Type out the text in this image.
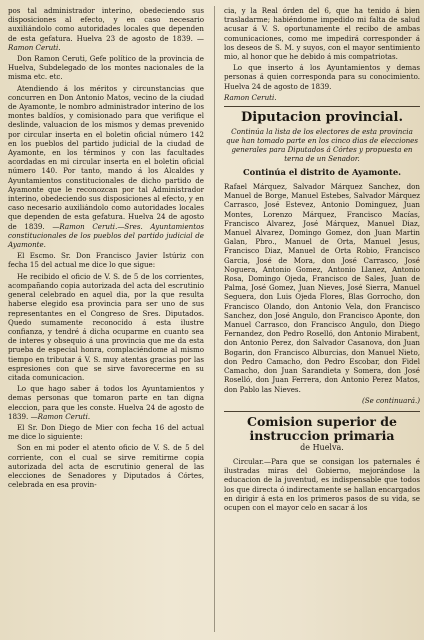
pos tal administrador interino, obedeciendo sus disposiciones al efecto, y en caso necesario auxiliándolo como autoridades locales que dependen de esta gefatura. Huelva 23 de agosto de 1839. —Ramon Ceruti.

Don Ramon Ceruti, Gefe político de la provincia de Huelva, Subdelegado de los montes nacionales de la misma etc. etc.

Atendiendo á los méritos y circunstancias que concurren en Don Antonio Matos, vecino de la ciudad de Ayamonte, le nombro administrador interino de los montes baldíos, y comisionado para que verifique el deslinde, valuacion de los mismos y demas prevenido por circular inserta en el boletin oficial número 142 en los pueblos del partido judicial de la ciudad de Ayamonte, en los términos y con las facultades acordadas en mi circular inserta en el boletin oficial número 140. Por tanto, mando á los Alcaldes y Ayuntamientos constitucionales de dicho partido de Ayamonte que le reconozcan por tal Administrador interino, obedeciendo sus disposiciones al efecto, y en caso necesario auxiliándolo como autoridades locales que dependen de esta gefatura. Huelva 24 de agosto de 1839. —Ramon Ceruti.—Sres. Ayuntamientos constitucionales de los pueblos del partido judicial de Ayamonte.

El Escmo. Sr. Don Francisco Javier Istúriz con fecha 15 del actual me dice lo que sigue:

He recibido el oficio de V. S. de 5 de los corrientes, acompañando copia autorizada del acta del escrutinio general celebrado en aquel dia, por la que resulta haberse elegido esa provincia para ser uno de sus representantes en el Congreso de Sres. Diputados. Quedo sumamente reconocido á esta ilustre confianza, y tendré á dicha ocuparme en cuanto sea de interes y obsequio á una provincia que me da esta prueba de especial honra, complaciéndome al mismo tiempo en tributar á V. S. muy atentas gracias por las espresiones con que se sirve favorecerme en su citada comunicacion.

Lo que hago saber á todos los Ayuntamientos y demas personas que tomaron parte en tan digna eleccion, para que les conste. Huelva 24 de agosto de 1839. —Ramon Ceruti.

El Sr. Don Diego de Mier con fecha 16 del actual me dice lo siguiente:

Son en mi poder el atento oficio de V. S. de 5 del corriente, con el cual se sirve remitirme copia autorizada del acta de escrutinio general de las elecciones de Senadores y Diputados á Córtes, celebrada en esa provin-

cia, y la Real órden del 6, que ha tenido á bien trasladarme; habiéndome impedido mi falta de salud acusar á V. S. oportunamente el recibo de ambas comunicaciones, como me impedirá corresponder á los deseos de S. M. y suyos, con el mayor sentimiento mio, al honor que he debido á mis compatriotas.

Lo que inserto á los Ayuntamientos y demas personas á quien corresponda para su conocimiento. Huelva 24 de agosto de 1839.

Ramon Ceruti.

Diputacion provincial.
Continúa la lista de los electores de esta provincia que han tomado parte en los cinco dias de elecciones generales para Diputados á Córtes y propuesta en terna de un Senador.
Continúa el distrito de Ayamonte.

Rafael Márquez, Salvador Márquez Sanchez, don Manuel de Borge, Manuel Estebes, Salvador Márquez Carrasco, José Estevez, Antonio Dominguez, Juan Montes, Lorenzo Márquez, Francisco Macías, Francisco Alvarez, José Márquez, Manuel Diaz, Manuel Alvarez, Domingo Gomez, don Juan Martin Galan, Pbro., Manuel de Orta, Manuel Jesus, Francisco Diaz, Manuel de Orta Robio, Francisco Garcia, José de Mora, don José Carrasco, José Noguera, Antonio Gomez, Antonio Llanez, Antonio Rosa, Domingo Ojeda, Francisco de Sales, Juan de Palma, José Gomez, Juan Nieves, José Sierra, Manuel Seguera, don Luis Ojeda Flores, Blas Gorrocho, don Francisco Olando, don Antonio Vela, don Francisco Sanchez, don José Angulo, don Francisco Aponte, don Manuel Carrasco, don Francisco Angulo, don Diego Fernandez, don Pedro Roselló, don Antonio Mirabent, don Antonio Perez, don Salvador Casanova, don Juan Bogarin, don Francisco Alburcias, don Manuel Nieto, don Pedro Camacho, don Pedro Escobar, don Fidel Camacho, don Juan Sarandieta y Somera, don José Roselló, don Juan Ferrera, don Antonio Perez Matos, don Pablo las Nieves.

(Se continuará.)
Comision superior de instruccion primaria
de Huelva.

Circular.—Para que se consigan los paternales é ilustradas miras del Gobierno, mejorándose la educacion de la juventud, es indispensable que todos los que directa ó indirectamente se hallan encargados en dirigir á esta en los primeros pasos de su vida, se ocupen con el mayor celo en sacar á los
